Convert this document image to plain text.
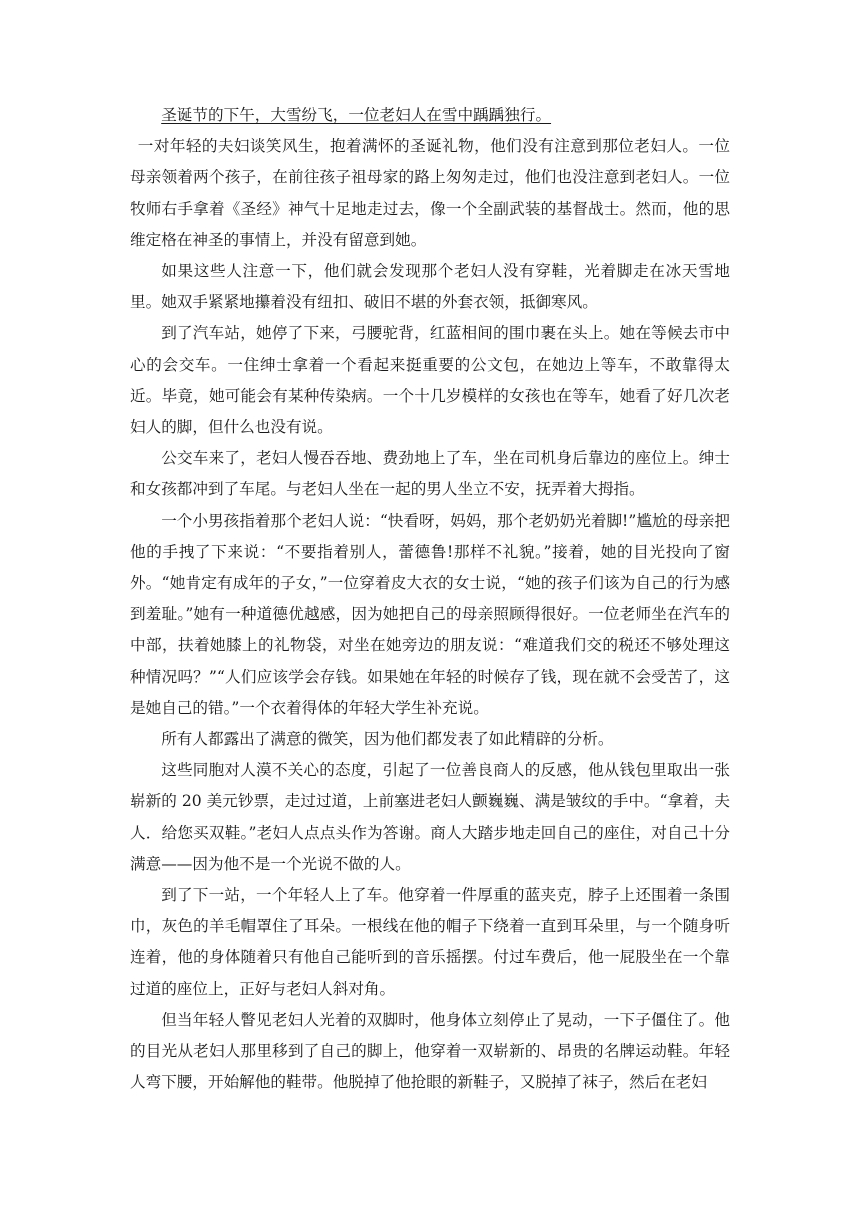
圣诞节的下午，大雪纷飞，一位老妇人在雪中踽踽独行。

一对年轻的夫妇谈笑风生，抱着满怀的圣诞礼物，他们没有注意到那位老妇人。一位母亲领着两个孩子，在前往孩子祖母家的路上匆匆走过，他们也没注意到老妇人。一位牧师右手拿着《圣经》神气十足地走过去，像一个全副武装的基督战士。然而，他的思维定格在神圣的事情上，并没有留意到她。

如果这些人注意一下，他们就会发现那个老妇人没有穿鞋，光着脚走在冰天雪地里。她双手紧紧地攥着没有纽扣、破旧不堪的外套衣领，抵御寒风。

到了汽车站，她停了下来，弓腰驼背，红蓝相间的围巾裹在头上。她在等候去市中心的会交车。一住绅士拿着一个看起来挺重要的公文包，在她边上等车，不敢靠得太近。毕竟，她可能会有某种传染病。一个十几岁模样的女孩也在等车，她看了好几次老妇人的脚，但什么也没有说。

公交车来了，老妇人慢吞吞地、费劲地上了车，坐在司机身后靠边的座位上。绅士和女孩都冲到了车尾。与老妇人坐在一起的男人坐立不安，抚弄着大拇指。

一个小男孩指着那个老妇人说：“快看呀，妈妈，那个老奶奶光着脚!”尴尬的母亲把他的手拽了下来说：“不要指着别人，蕾德鲁!那样不礼貌。”接着，她的目光投向了窗外。“她肯定有成年的子女，”一位穿着皮大衣的女士说，“她的孩子们该为自己的行为感到羞耻。”她有一种道德优越感，因为她把自己的母亲照顾得很好。一位老师坐在汽车的中部，扶着她膝上的礼物袋，对坐在她旁边的朋友说：“难道我们交的税还不够处理这种情况吗？”“人们应该学会存钱。如果她在年轻的时候存了钱，现在就不会受苦了，这是她自己的错。”一个衣着得体的年轻大学生补充说。

所有人都露出了满意的微笑，因为他们都发表了如此精辟的分析。

这些同胞对人漠不关心的态度，引起了一位善良商人的反感，他从钱包里取出一张崭新的 20 美元钞票，走过过道，上前塞进老妇人颤巍巍、满是皱纹的手中。“拿着，夫人．给您买双鞋。”老妇人点点头作为答谢。商人大踏步地走回自己的座住，对自己十分满意——因为他不是一个光说不做的人。

到了下一站，一个年轻人上了车。他穿着一件厚重的蓝夹克，脖子上还围着一条围巾，灰色的羊毛帽罩住了耳朵。一根线在他的帽子下绕着一直到耳朵里，与一个随身听连着，他的身体随着只有他自己能听到的音乐摇摆。付过车费后，他一屁股坐在一个靠过道的座位上，正好与老妇人斜对角。

但当年轻人瞥见老妇人光着的双脚时，他身体立刻停止了晃动，一下子僵住了。他的目光从老妇人那里移到了自己的脚上，他穿着一双崭新的、昂贵的名牌运动鞋。年轻人弯下腰，开始解他的鞋带。他脱掉了他抢眼的新鞋子，又脱掉了袜子，然后在老妇
